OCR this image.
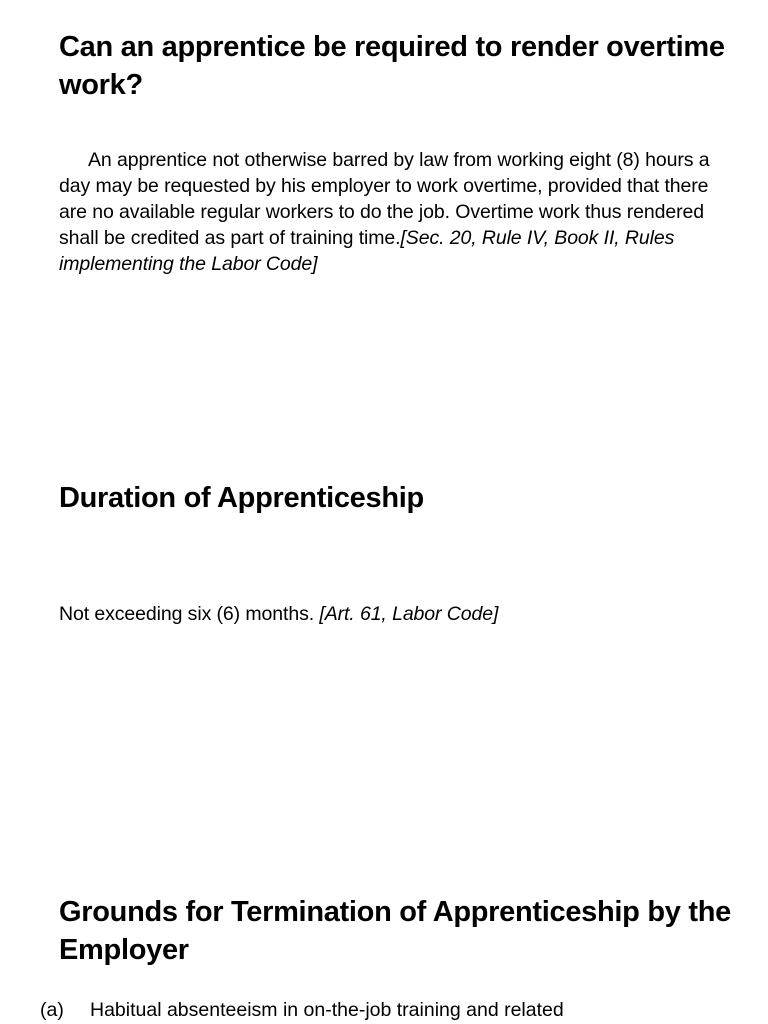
Can an apprentice be required to render overtime work?

An apprentice not otherwise barred by law from working eight (8) hours a day may be requested by his employer to work overtime, provided that there are no available regular workers to do the job. Overtime work thus rendered shall be credited as part of training time.[Sec. 20, Rule IV, Book II, Rules implementing the Labor Code]

Duration of Apprenticeship

Not exceeding six (6) months. [Art. 61, Labor Code]

Grounds for Termination of Apprenticeship by the Employer
(a) Habitual absenteeism in on-the-job training and related
